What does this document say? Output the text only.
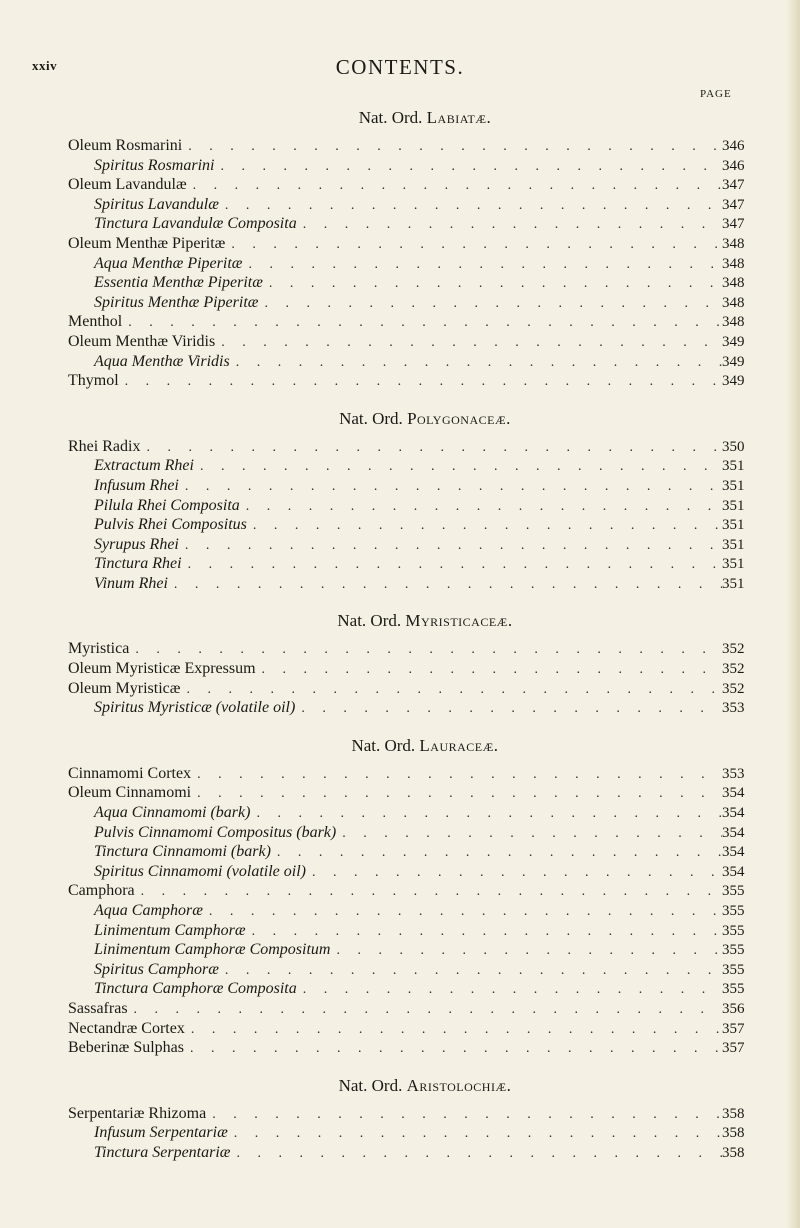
xxiv	CONTENTS.
PAGE
Nat. Ord. Labiatæ.
Oleum Rosmarini . . .	346
Spiritus Rosmarini . . .	346
Oleum Lavandulæ . . .	347
Spiritus Lavandulæ . . .	347
Tinctura Lavandulæ Composita . . .	347
Oleum Menthæ Piperitæ . . .	348
Aqua Menthæ Piperitæ . . .	348
Essentia Menthæ Piperitæ . . .	348
Spiritus Menthæ Piperitæ . . .	348
Menthol . . .	348
Oleum Menthæ Viridis . . .	349
Aqua Menthæ Viridis . . .	349
Thymol . . .	349
Nat. Ord. Polygonaceæ.
Rhei Radix . . .	350
Extractum Rhei . . .	351
Infusum Rhei . . .	351
Pilula Rhei Composita . . .	351
Pulvis Rhei Compositus . . .	351
Syrupus Rhei . . .	351
Tinctura Rhei . . .	351
Vinum Rhei . . .	351
Nat. Ord. Myristicaceæ.
Myristica . . .	352
Oleum Myristicæ Expressum . . .	352
Oleum Myristicæ . . .	352
Spiritus Myristicæ (volatile oil) . . .	353
Nat. Ord. Lauraceæ.
Cinnamomi Cortex . . .	353
Oleum Cinnamomi . . .	354
Aqua Cinnamomi (bark) . . .	354
Pulvis Cinnamomi Compositus (bark) . . .	354
Tinctura Cinnamomi (bark) . . .	354
Spiritus Cinnamomi (volatile oil) . . .	354
Camphora . . .	355
Aqua Camphoræ . . .	355
Linimentum Camphoræ . . .	355
Linimentum Camphoræ Compositum . . .	355
Spiritus Camphoræ . . .	355
Tinctura Camphoræ Composita . . .	355
Sassafras . . .	356
Nectandræ Cortex . . .	357
Beberinæ Sulphas . . .	357
Nat. Ord. Aristolochiæ.
Serpentariæ Rhizoma . . .	358
Infusum Serpentariæ . . .	358
Tinctura Serpentariæ . . .	358
